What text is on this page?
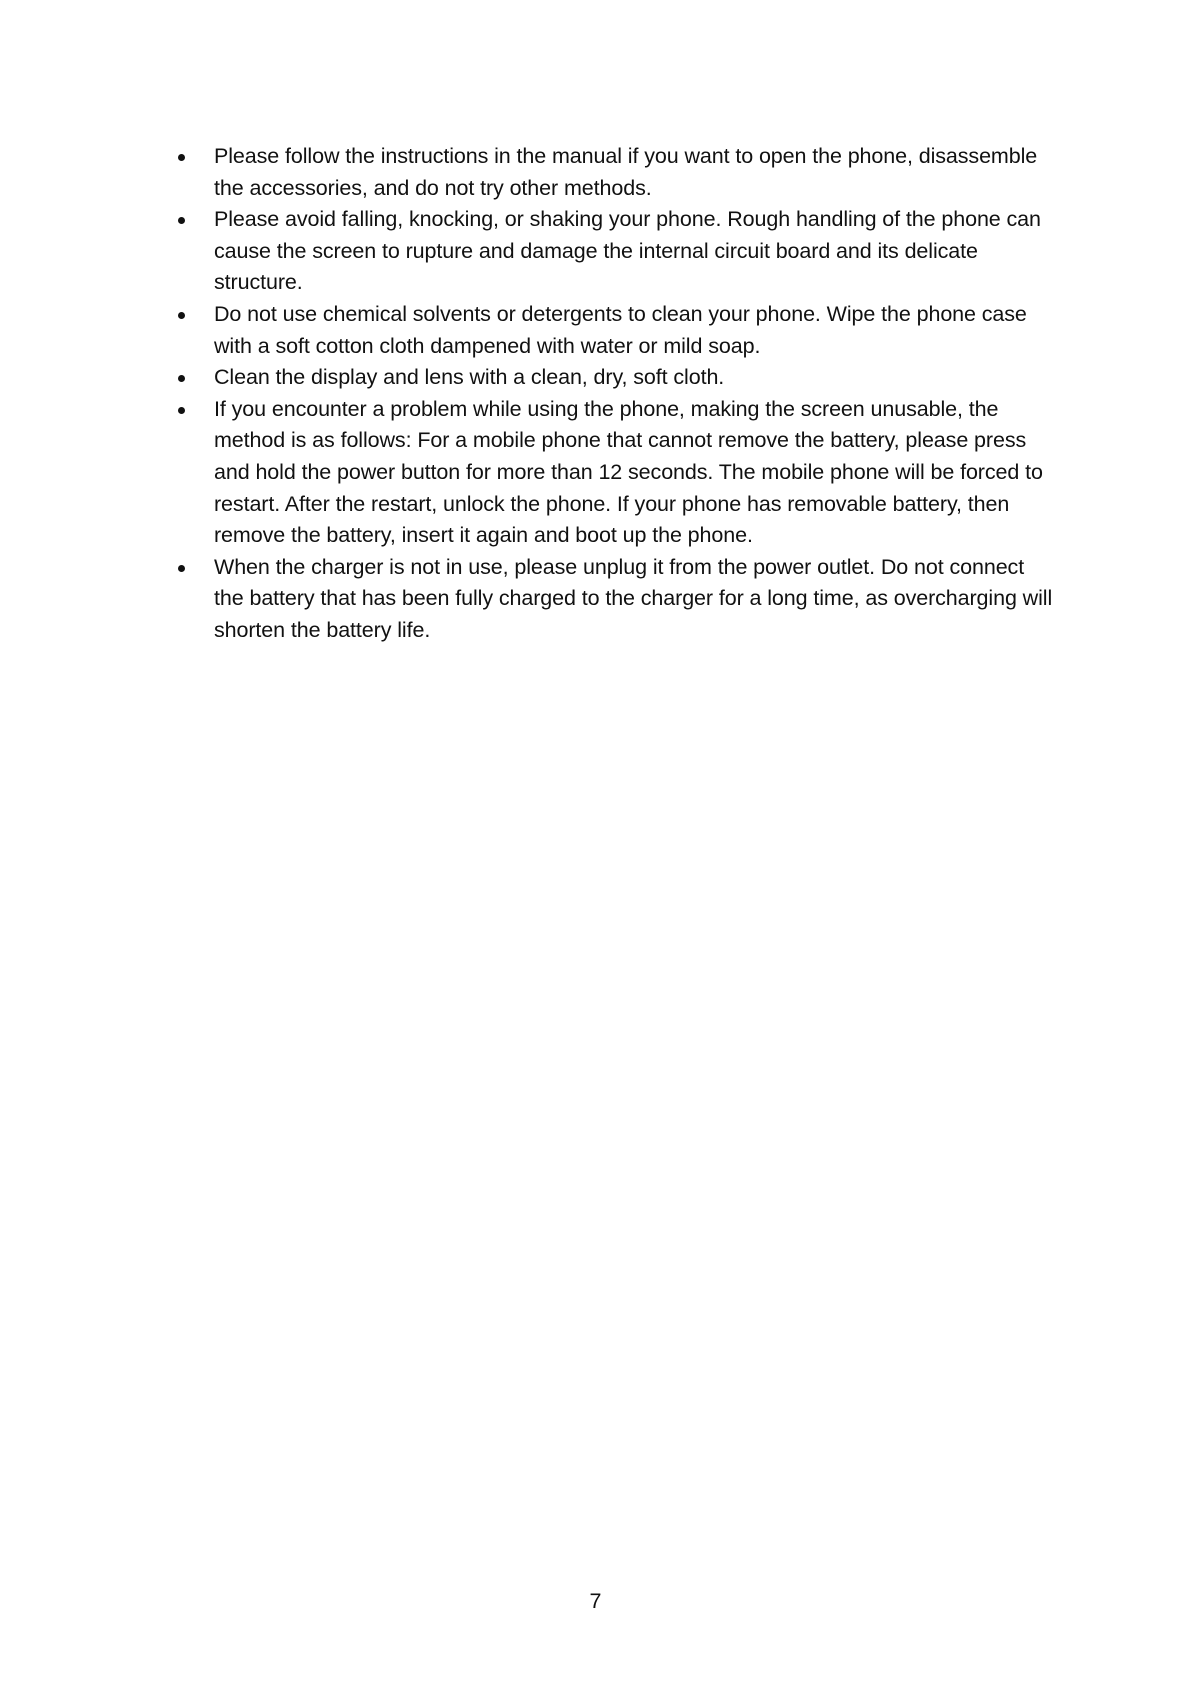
Please follow the instructions in the manual if you want to open the phone, disassemble the accessories, and do not try other methods.
Please avoid falling, knocking, or shaking your phone. Rough handling of the phone can cause the screen to rupture and damage the internal circuit board and its delicate structure.
Do not use chemical solvents or detergents to clean your phone. Wipe the phone case with a soft cotton cloth dampened with water or mild soap.
Clean the display and lens with a clean, dry, soft cloth.
If you encounter a problem while using the phone, making the screen unusable, the method is as follows: For a mobile phone that cannot remove the battery, please press and hold the power button for more than 12 seconds. The mobile phone will be forced to restart. After the restart, unlock the phone. If your phone has removable battery, then remove the battery, insert it again and boot up the phone.
When the charger is not in use, please unplug it from the power outlet. Do not connect the battery that has been fully charged to the charger for a long time, as overcharging will shorten the battery life.
7
